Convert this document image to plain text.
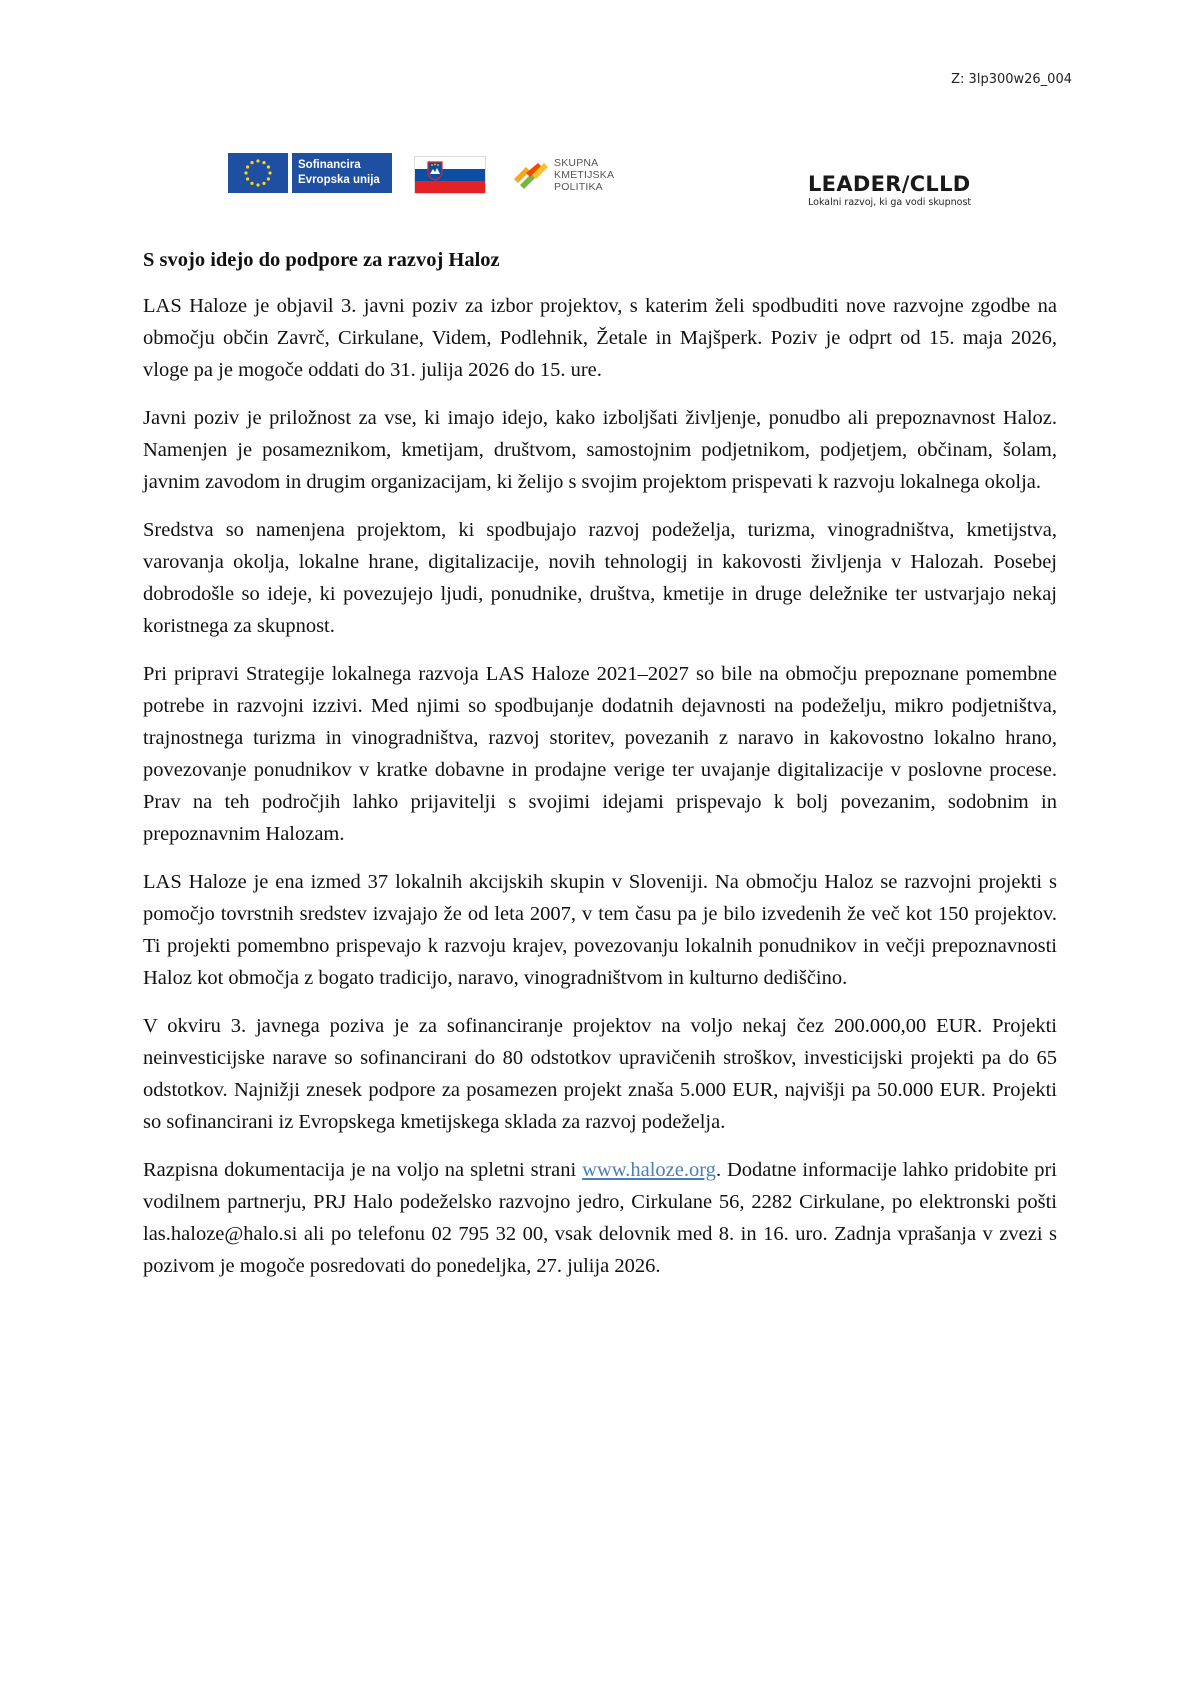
Z: 3lp300w26_004
Sofinancira
Evropska unija
SKUPNA
KMETIJSKA
POLITIKA	LEADER/CLLD
Lokalni razvoj, ki ga vodi skupnost

S svojo idejo do podpore za razvoj Haloz

LAS Haloze je objavil 3. javni poziv za izbor projektov, s katerim želi spodbuditi nove razvojne zgodbe na območju občin Zavrč, Cirkulane, Videm, Podlehnik, Žetale in Majšperk. Poziv je odprt od 15. maja 2026, vloge pa je mogoče oddati do 31. julija 2026 do 15. ure.

Javni poziv je priložnost za vse, ki imajo idejo, kako izboljšati življenje, ponudbo ali prepoznavnost Haloz. Namenjen je posameznikom, kmetijam, društvom, samostojnim podjetnikom, podjetjem, občinam, šolam, javnim zavodom in drugim organizacijam, ki želijo s svojim projektom prispevati k razvoju lokalnega okolja.

Sredstva so namenjena projektom, ki spodbujajo razvoj podeželja, turizma, vinogradništva, kmetijstva, varovanja okolja, lokalne hrane, digitalizacije, novih tehnologij in kakovosti življenja v Halozah. Posebej dobrodošle so ideje, ki povezujejo ljudi, ponudnike, društva, kmetije in druge deležnike ter ustvarjajo nekaj koristnega za skupnost.

Pri pripravi Strategije lokalnega razvoja LAS Haloze 2021–2027 so bile na območju prepoznane pomembne potrebe in razvojni izzivi. Med njimi so spodbujanje dodatnih dejavnosti na podeželju, mikro podjetništva, trajnostnega turizma in vinogradništva, razvoj storitev, povezanih z naravo in kakovostno lokalno hrano, povezovanje ponudnikov v kratke dobavne in prodajne verige ter uvajanje digitalizacije v poslovne procese. Prav na teh področjih lahko prijavitelji s svojimi idejami prispevajo k bolj povezanim, sodobnim in prepoznavnim Halozam.

LAS Haloze je ena izmed 37 lokalnih akcijskih skupin v Sloveniji. Na območju Haloz se razvojni projekti s pomočjo tovrstnih sredstev izvajajo že od leta 2007, v tem času pa je bilo izvedenih že več kot 150 projektov. Ti projekti pomembno prispevajo k razvoju krajev, povezovanju lokalnih ponudnikov in večji prepoznavnosti Haloz kot območja z bogato tradicijo, naravo, vinogradništvom in kulturno dediščino.

V okviru 3. javnega poziva je za sofinanciranje projektov na voljo nekaj čez 200.000,00 EUR. Projekti neinvesticijske narave so sofinancirani do 80 odstotkov upravičenih stroškov, investicijski projekti pa do 65 odstotkov. Najnižji znesek podpore za posamezen projekt znaša 5.000 EUR, najvišji pa 50.000 EUR. Projekti so sofinancirani iz Evropskega kmetijskega sklada za razvoj podeželja.

Razpisna dokumentacija je na voljo na spletni strani www.haloze.org. Dodatne informacije lahko pridobite pri vodilnem partnerju, PRJ Halo podeželsko razvojno jedro, Cirkulane 56, 2282 Cirkulane, po elektronski pošti las.haloze@halo.si ali po telefonu 02 795 32 00, vsak delovnik med 8. in 16. uro. Zadnja vprašanja v zvezi s pozivom je mogoče posredovati do ponedeljka, 27. julija 2026.
